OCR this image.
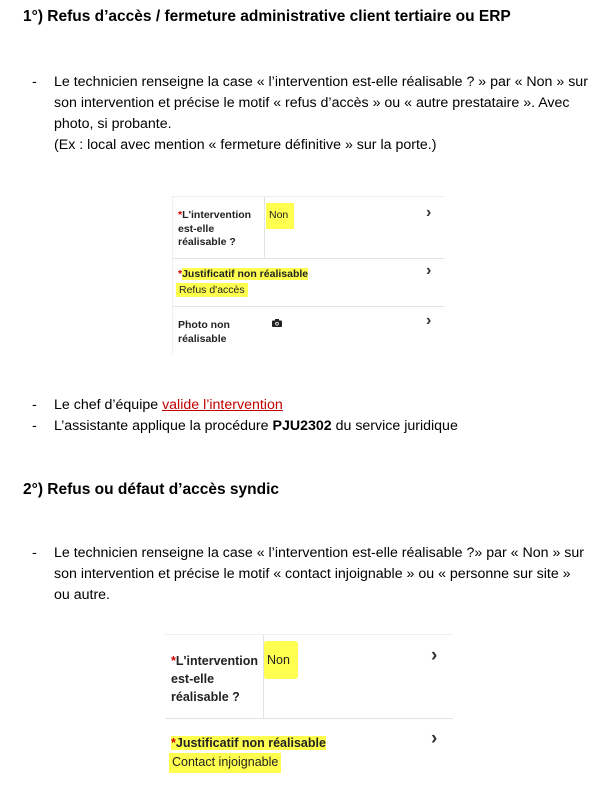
1°) Refus d’accès / fermeture administrative client tertiaire ou ERP
- Le technicien renseigne la case « l’intervention est-elle réalisable ? » par « Non » sur
son intervention et précise le motif « refus d’accès » ou « autre prestataire ». Avec
photo, si probante.
(Ex : local avec mention « fermeture définitive » sur la porte.)
*L'intervention
est-elle
réalisable ?
Non	›
*Justificatif non réalisable
Refus d'accès
›
Photo non
réalisable
›
- Le chef d’équipe valide l’intervention
- L’assistante applique la procédure PJU2302 du service juridique
2°) Refus ou défaut d’accès syndic
- Le technicien renseigne la case « l’intervention est-elle réalisable ?» par « Non » sur
son intervention et précise le motif « contact injoignable » ou « personne sur site »
ou autre.
*L'intervention
est-elle
réalisable ?
Non	›
*Justificatif non réalisable
Contact injoignable
›
